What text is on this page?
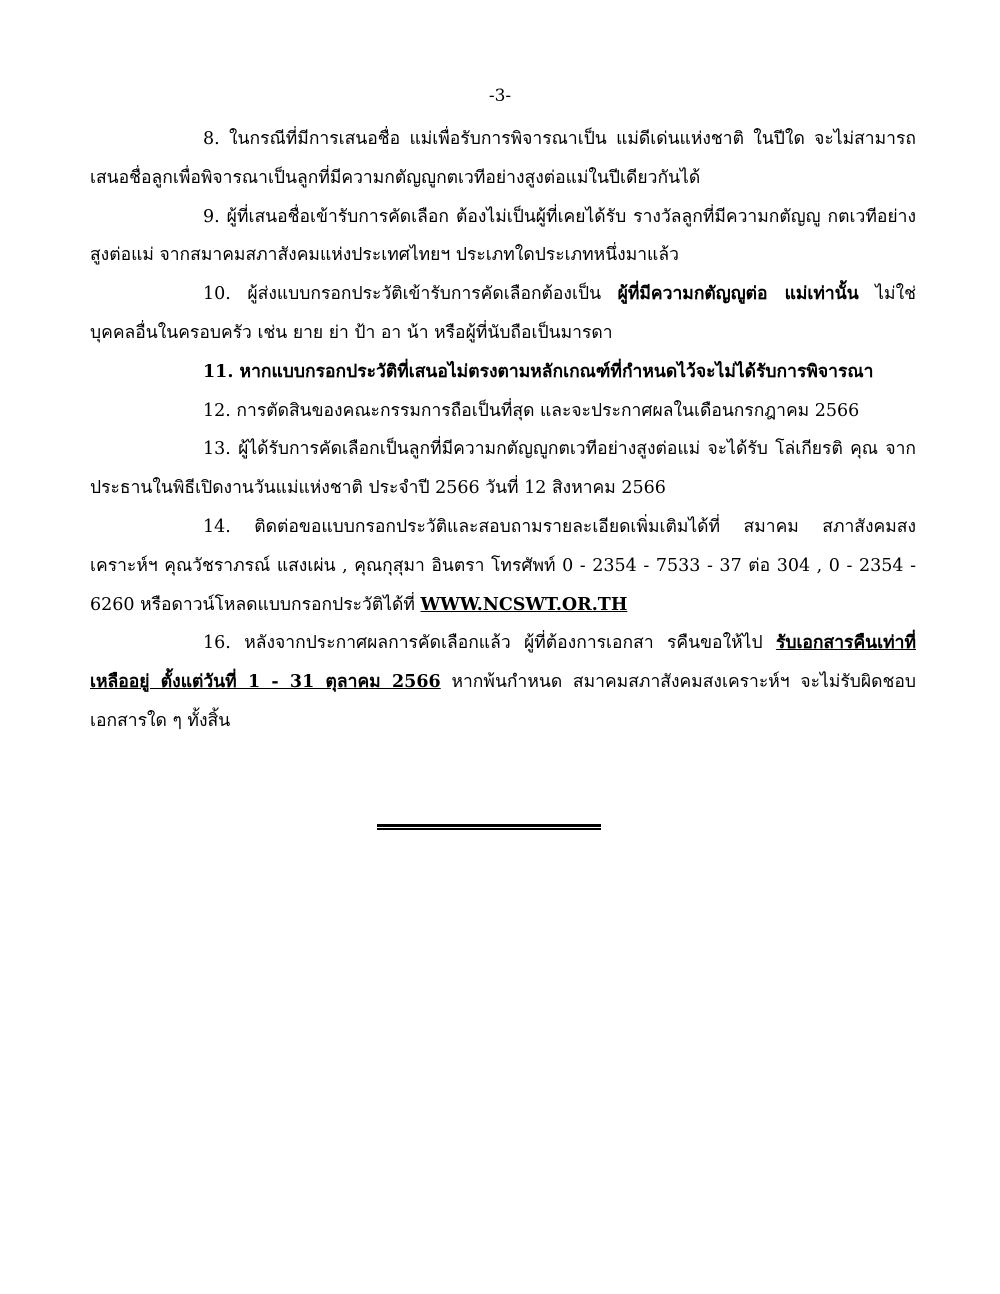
-3-

8. ในกรณีที่มีการเสนอชื่อ แม่เพื่อรับการพิจารณาเป็น แม่ดีเด่นแห่งชาติ ในปีใด จะไม่สามารถเสนอชื่อลูกเพื่อพิจารณาเป็นลูกที่มีความกตัญญูกตเวทีอย่างสูงต่อแม่ในปีเดียวกันได้

9. ผู้ที่เสนอชื่อเข้ารับการคัดเลือก ต้องไม่เป็นผู้ที่เคยได้รับ รางวัลลูกที่มีความกตัญญู กตเวทีอย่างสูงต่อแม่ จากสมาคมสภาสังคมแห่งประเทศไทยฯ ประเภทใดประเภทหนึ่งมาแล้ว

10. ผู้ส่งแบบกรอกประวัติเข้ารับการคัดเลือกต้องเป็น ผู้ที่มีความกตัญญูต่อ แม่เท่านั้น ไม่ใช่บุคคลอื่นในครอบครัว เช่น ยาย ย่า ป้า อา น้า หรือผู้ที่นับถือเป็นมารดา

11. หากแบบกรอกประวัติที่เสนอไม่ตรงตามหลักเกณฑ์ที่กำหนดไว้จะไม่ได้รับการพิจารณา

12. การตัดสินของคณะกรรมการถือเป็นที่สุด และจะประกาศผลในเดือนกรกฎาคม 2566

13. ผู้ได้รับการคัดเลือกเป็นลูกที่มีความกตัญญูกตเวทีอย่างสูงต่อแม่ จะได้รับ โล่เกียรติ คุณ จากประธานในพิธีเปิดงานวันแม่แห่งชาติ ประจำปี 2566 วันที่ 12 สิงหาคม 2566

14. ติดต่อขอแบบกรอกประวัติและสอบถามรายละเอียดเพิ่มเติมได้ที่ สมาคม สภาสังคมสงเคราะห์ฯ คุณวัชราภรณ์ แสงเผ่น , คุณกุสุมา อินตรา โทรศัพท์ 0 - 2354 - 7533 - 37 ต่อ 304 , 0 - 2354 - 6260 หรือดาวน์โหลดแบบกรอกประวัติได้ที่ WWW.NCSWT.OR.TH

16. หลังจากประกาศผลการคัดเลือกแล้ว ผู้ที่ต้องการเอกสา รคืนขอให้ไป รับเอกสารคืนเท่าที่เหลืออยู่ ตั้งแต่วันที่ 1 - 31 ตุลาคม 2566 หากพ้นกำหนด สมาคมสภาสังคมสงเคราะห์ฯ จะไม่รับผิดชอบเอกสารใด ๆ ทั้งสิ้น
